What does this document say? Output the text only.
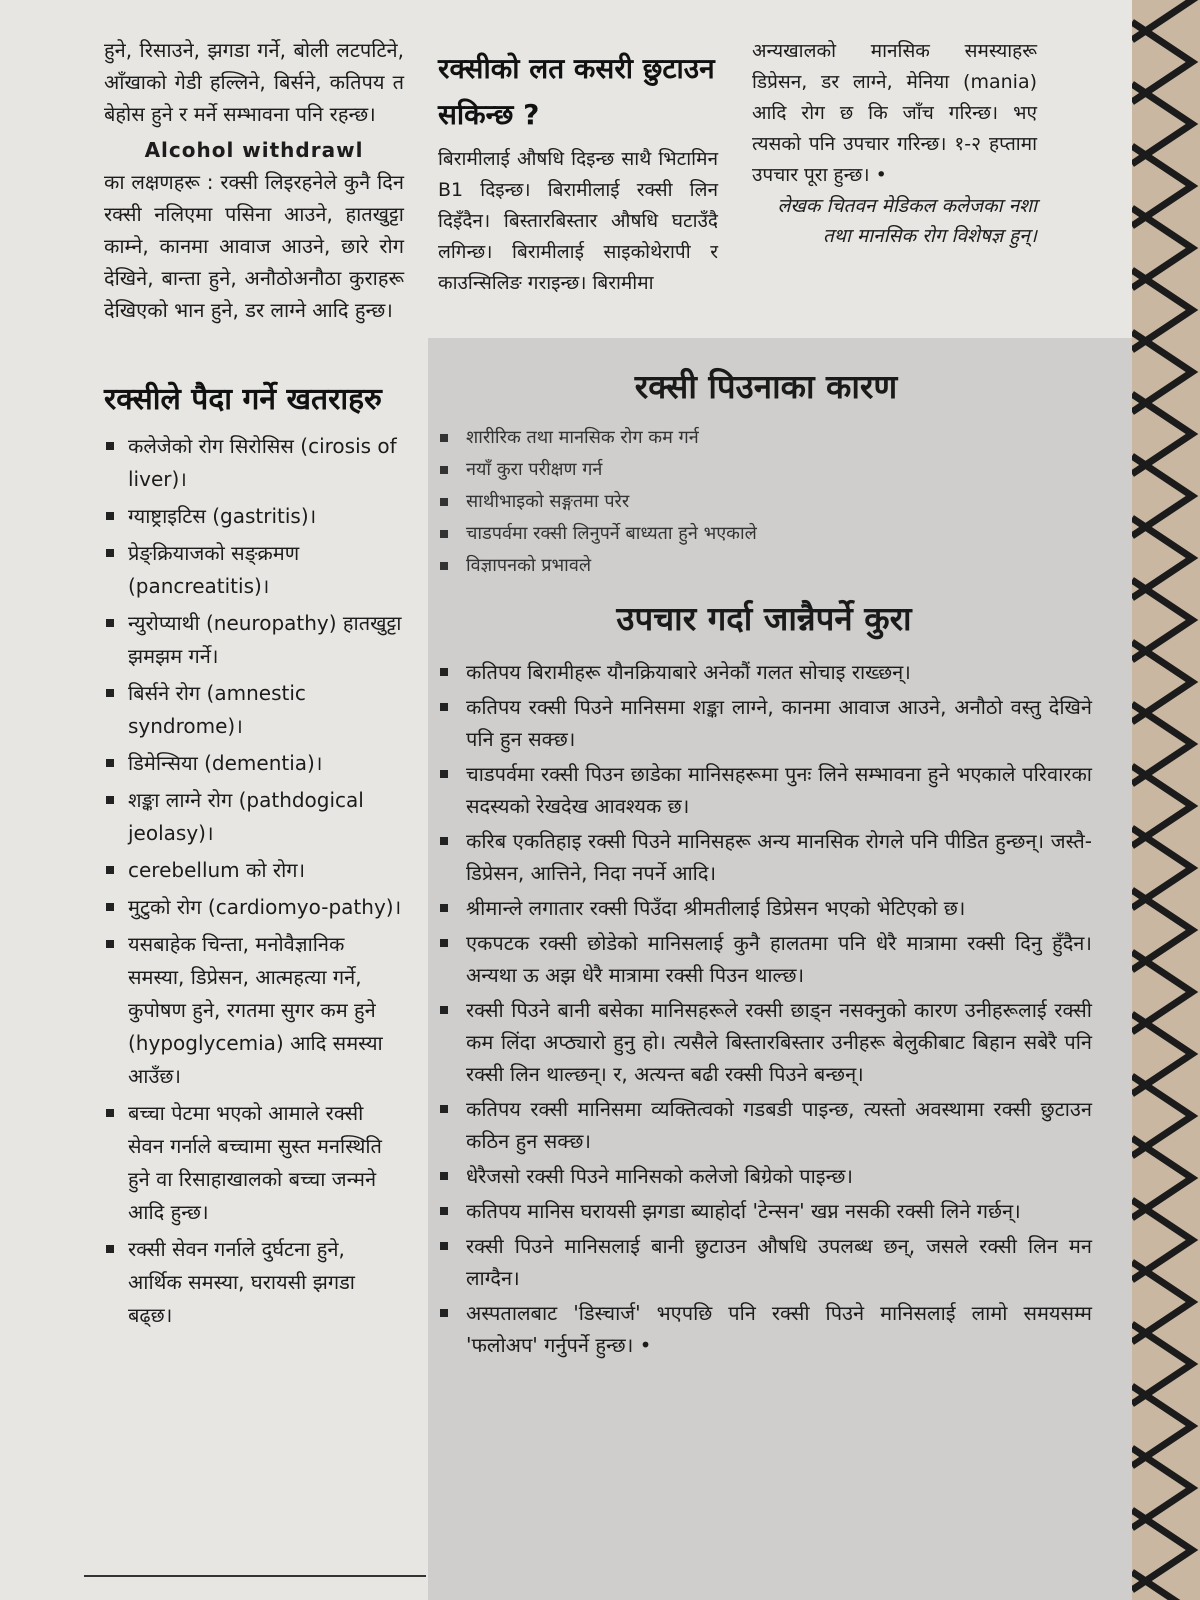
हुने, रिसाउने, झगडा गर्ने, बोली लटपटिने, आँखाको गेडी हल्लिने, बिर्सने, कतिपय त बेहोस हुने र मर्ने सम्भावना पनि रहन्छ।

Alcohol withdrawl
का लक्षणहरू : रक्सी लिइरहनेले कुनै दिन रक्सी नलिएमा पसिना आउने, हातखुट्टा काम्ने, कानमा आवाज आउने, छारे रोग देखिने, बान्ता हुने, अनौठोअनौठा कुराहरू देखिएको भान हुने, डर लाग्ने आदि हुन्छ।

रक्सीले पैदा गर्ने खतराहरु
कलेजेको रोग सिरोसिस (cirosis of liver)।
ग्याष्ट्राइटिस (gastritis)।
प्रेङ्क्रियाजको सङ्क्रमण (pancreatitis)।
न्युरोप्याथी (neuropathy) हातखुट्टा झमझम गर्ने।
बिर्सने रोग (amnestic syndrome)।
डिमेन्सिया (dementia)।
शङ्का लाग्ने रोग (pathdogical jeolasy)।
cerebellum को रोग।
मुटुको रोग (cardiomyo-pathy)।
यसबाहेक चिन्ता, मनोवैज्ञानिक समस्या, डिप्रेसन, आत्महत्या गर्ने, कुपोषण हुने, रगतमा सुगर कम हुने (hypoglycemia) आदि समस्या आउँछ।
बच्चा पेटमा भएको आमाले रक्सी सेवन गर्नाले बच्चामा सुस्त मनस्थिति हुने वा रिसाहाखालको बच्चा जन्मने आदि हुन्छ।
रक्सी सेवन गर्नाले दुर्घटना हुने, आर्थिक समस्या, घरायसी झगडा बढ्छ।
रक्सीको लत कसरी छुटाउन सकिन्छ ?

बिरामीलाई औषधि दिइन्छ साथै भिटामिन B1 दिइन्छ। बिरामीलाई रक्सी लिन दिइँदैन। बिस्तारबिस्तार औषधि घटाउँदै लगिन्छ। बिरामीलाई साइकोथेरापी र काउन्सिलिङ गराइन्छ। बिरामीमा

अन्यखालको मानसिक समस्याहरू डिप्रेसन, डर लाग्ने, मेनिया (mania) आदि रोग छ कि जाँच गरिन्छ। भए त्यसको पनि उपचार गरिन्छ। १-२ हप्तामा उपचार पूरा हुन्छ। •

लेखक चितवन मेडिकल कलेजका नशा तथा मानसिक रोग विशेषज्ञ हुन्।

रक्सी पिउनाका कारण
शारीरिक तथा मानसिक रोग कम गर्न
नयाँ कुरा परीक्षण गर्न
साथीभाइको सङ्गतमा परेर
चाडपर्वमा रक्सी लिनुपर्ने बाध्यता हुने भएकाले
विज्ञापनको प्रभावले
उपचार गर्दा जान्नैपर्ने कुरा
कतिपय बिरामीहरू यौनक्रियाबारे अनेकौं गलत सोचाइ राख्छन्।
कतिपय रक्सी पिउने मानिसमा शङ्का लाग्ने, कानमा आवाज आउने, अनौठो वस्तु देखिने पनि हुन सक्छ।
चाडपर्वमा रक्सी पिउन छाडेका मानिसहरूमा पुनः लिने सम्भावना हुने भएकाले परिवारका सदस्यको रेखदेख आवश्यक छ।
करिब एकतिहाइ रक्सी पिउने मानिसहरू अन्य मानसिक रोगले पनि पीडित हुन्छन्। जस्तै- डिप्रेसन, आत्तिने, निदा नपर्ने आदि।
श्रीमान्ले लगातार रक्सी पिउँदा श्रीमतीलाई डिप्रेसन भएको भेटिएको छ।
एकपटक रक्सी छोडेको मानिसलाई कुनै हालतमा पनि धेरै मात्रामा रक्सी दिनु हुँदैन। अन्यथा ऊ अझ धेरै मात्रामा रक्सी पिउन थाल्छ।
रक्सी पिउने बानी बसेका मानिसहरूले रक्सी छाड्न नसक्नुको कारण उनीहरूलाई रक्सी कम लिंदा अप्ठ्यारो हुनु हो। त्यसैले बिस्तारबिस्तार उनीहरू बेलुकीबाट बिहान सबेरै पनि रक्सी लिन थाल्छन्। र, अत्यन्त बढी रक्सी पिउने बन्छन्।
कतिपय रक्सी मानिसमा व्यक्तित्वको गडबडी पाइन्छ, त्यस्तो अवस्थामा रक्सी छुटाउन कठिन हुन सक्छ।
धेरैजसो रक्सी पिउने मानिसको कलेजो बिग्रेको पाइन्छ।
कतिपय मानिस घरायसी झगडा ब्याहोर्दा 'टेन्सन' खप्न नसकी रक्सी लिने गर्छन्।
रक्सी पिउने मानिसलाई बानी छुटाउन औषधि उपलब्ध छन्, जसले रक्सी लिन मन लाग्दैन।
अस्पतालबाट 'डिस्चार्ज' भएपछि पनि रक्सी पिउने मानिसलाई लामो समयसम्म 'फलोअप' गर्नुपर्ने हुन्छ। •
